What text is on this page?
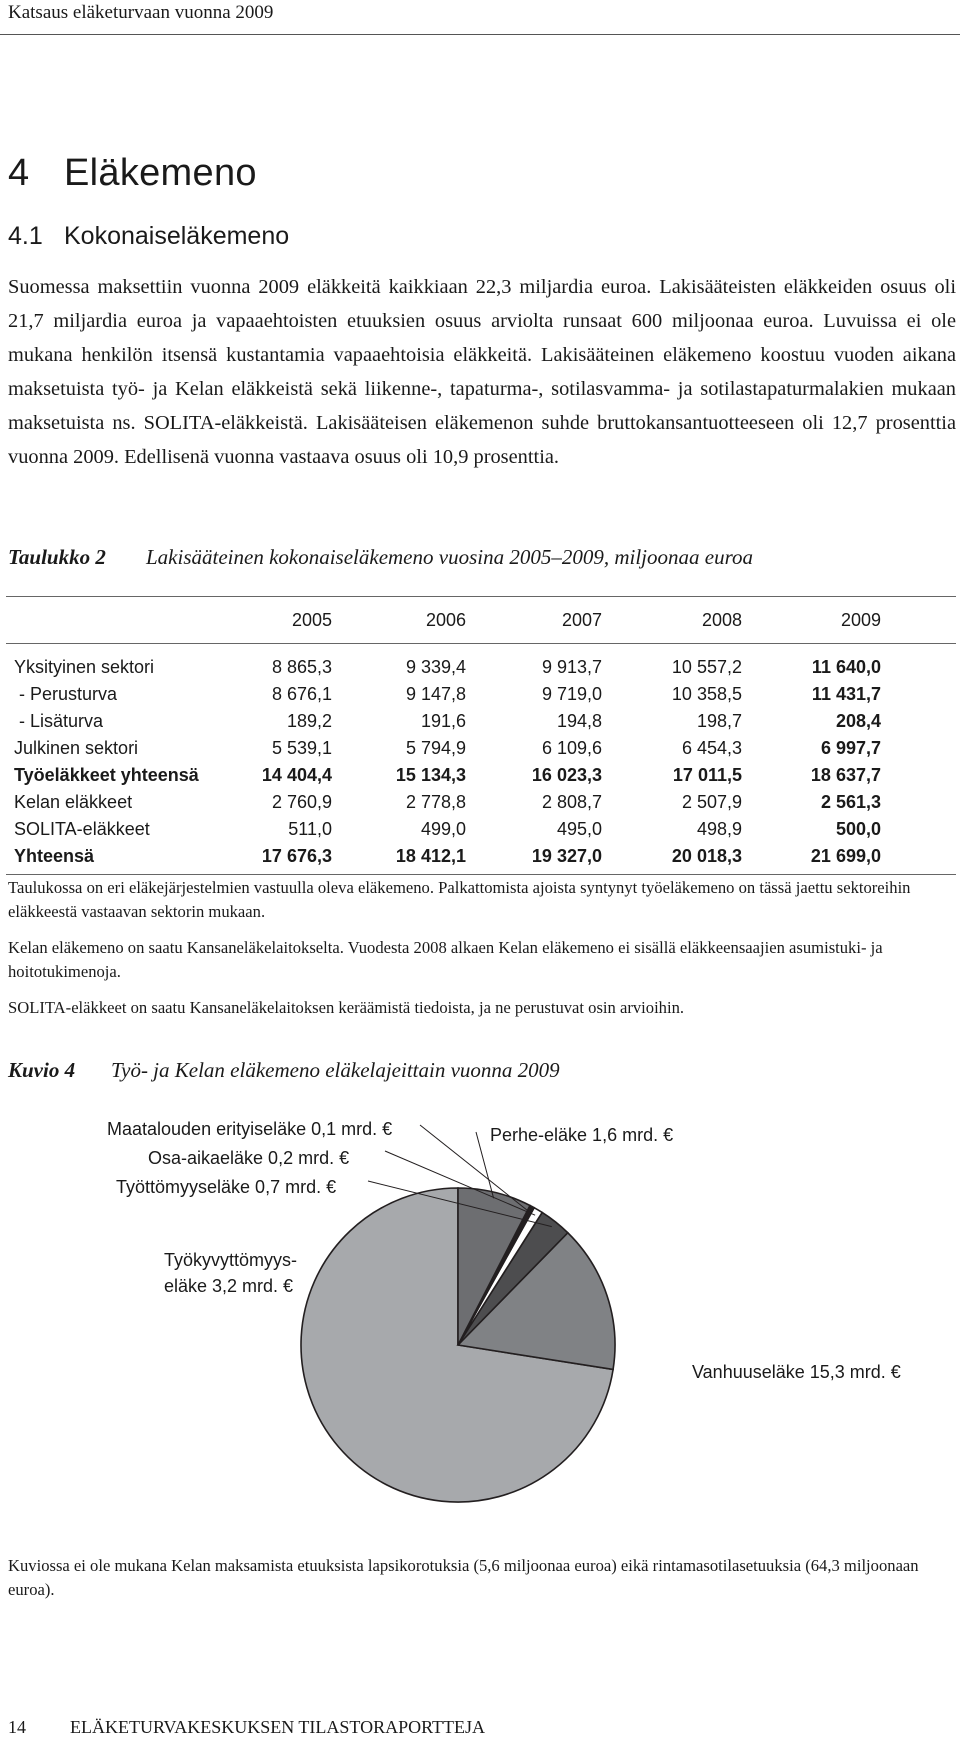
Katsaus eläketurvaan vuonna 2009
4 Eläkemeno
4.1 Kokonaiseläkemeno

Suomessa maksettiin vuonna 2009 eläkkeitä kaikkiaan 22,3 miljardia euroa. Lakisääteisten eläkkeiden osuus oli 21,7 miljardia euroa ja vapaaehtoisten etuuksien osuus arviolta runsaat 600 miljoonaa euroa. Luvuissa ei ole mukana henkilön itsensä kustantamia vapaaehtoisia eläkkeitä. Lakisääteinen eläkemeno koostuu vuoden aikana maksetuista työ- ja Kelan eläkkeistä sekä liikenne-, tapaturma-, sotilasvamma- ja sotilastapaturmalakien mukaan maksetuista ns. SOLITA-eläkkeistä. Lakisääteisen eläkemenon suhde bruttokansantuotteeseen oli 12,7 prosenttia vuonna 2009. Edellisenä vuonna vastaava osuus oli 10,9 prosenttia.

Taulukko 2 Lakisääteinen kokonaiseläkemeno vuosina 2005–2009, miljoonaa euroa
	2005	2006	2007	2008	2009	
Yksityinen sektori	8 865,3	9 339,4	9 913,7	10 557,2	11 640,0	
- Perusturva	8 676,1	9 147,8	9 719,0	10 358,5	11 431,7	
- Lisäturva	189,2	191,6	194,8	198,7	208,4	
Julkinen sektori	5 539,1	5 794,9	6 109,6	6 454,3	6 997,7	
Työeläkkeet yhteensä	14 404,4	15 134,3	16 023,3	17 011,5	18 637,7	
Kelan eläkkeet	2 760,9	2 778,8	2 808,7	2 507,9	2 561,3	
SOLITA-eläkkeet	511,0	499,0	495,0	498,9	500,0	
Yhteensä	17 676,3	18 412,1	19 327,0	20 018,3	21 699,0	

Taulukossa on eri eläkejärjestelmien vastuulla oleva eläkemeno. Palkattomista ajoista syntynyt työeläkemeno on tässä jaettu sektoreihin eläkkeestä vastaavan sektorin mukaan.

Kelan eläkemeno on saatu Kansaneläkelaitokselta. Vuodesta 2008 alkaen Kelan eläkemeno ei sisällä eläkkeensaajien asumistuki- ja hoitotukimenoja.

SOLITA-eläkkeet on saatu Kansaneläkelaitoksen keräämistä tiedoista, ja ne perustuvat osin arvioihin.

Kuvio 4 Työ- ja Kelan eläkemeno eläkelajeittain vuonna 2009
Maatalouden erityiseläke 0,1 mrd. €
Osa-aikaeläke 0,2 mrd. €
Työttömyyseläke 0,7 mrd. €
Perhe-eläke 1,6 mrd. €
Työkyvyttömyys-
eläke 3,2 mrd. €
Vanhuuseläke 15,3 mrd. €

Kuviossa ei ole mukana Kelan maksamista etuuksista lapsikorotuksia (5,6 miljoonaa euroa) eikä rintamasotilasetuuksia (64,3 miljoonaan euroa).

14 ELÄKETURVAKESKUKSEN TILASTORAPORTTEJA
